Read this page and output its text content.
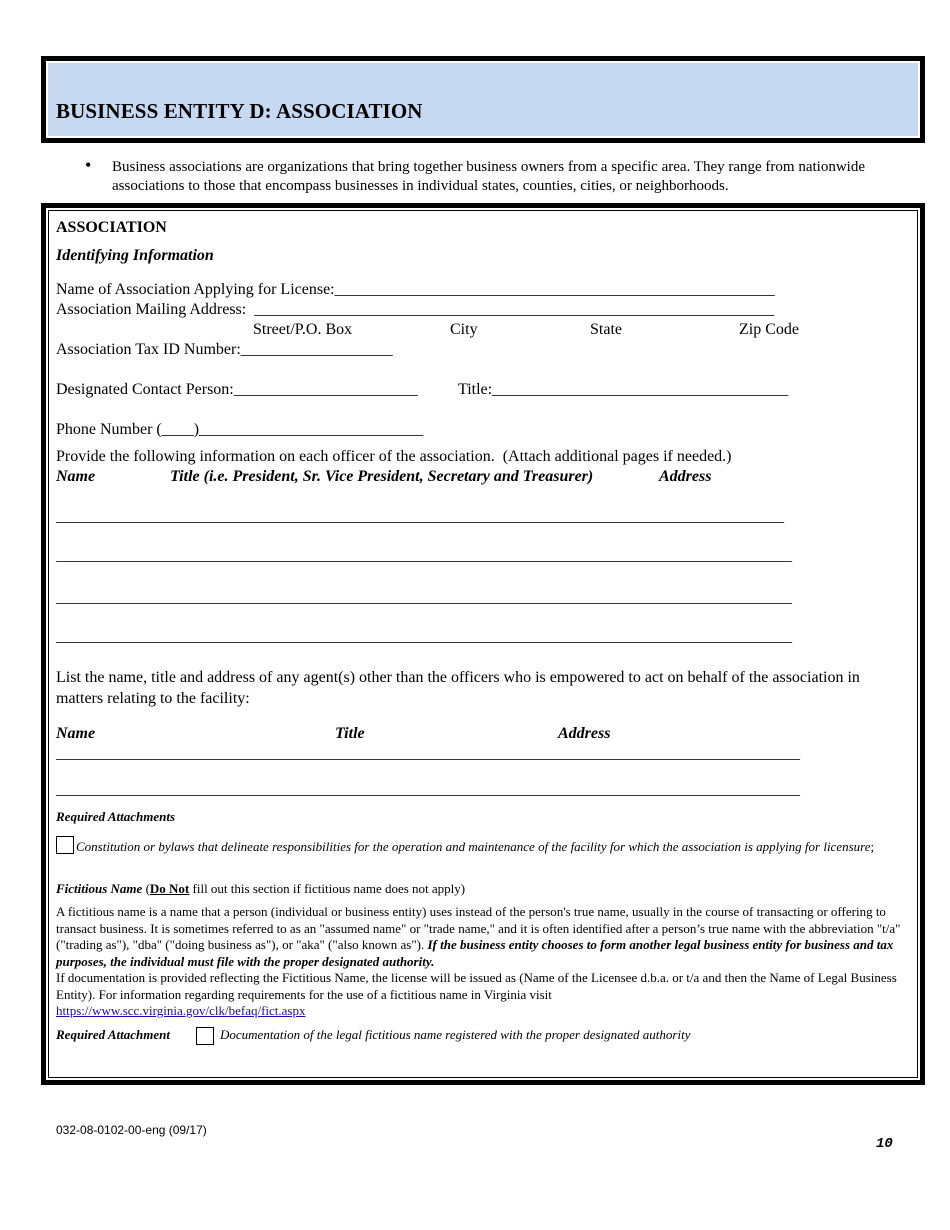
BUSINESS ENTITY D: ASSOCIATION
• Business associations are organizations that bring together business owners from a specific area. They range from nationwide associations to those that encompass businesses in individual states, counties, cities, or neighborhoods.
ASSOCIATION
Identifying Information
Name of Association Applying for License:_______________________________________________________
Association Mailing Address:  _________________________________________________________________
Street/P.O. Box	City	State	Zip Code
Association Tax ID Number:___________________
Designated Contact Person:_______________________	Title:_____________________________________
Phone Number (____)____________________________
Provide the following information on each officer of the association.  (Attach additional pages if needed.)
Name	Title (i.e. President, Sr. Vice President, Secretary and Treasurer)	Address
___________________________________________________________________________________________
____________________________________________________________________________________________
____________________________________________________________________________________________
____________________________________________________________________________________________
List the name, title and address of any agent(s) other than the officers who is empowered to act on behalf of the association in matters relating to the facility:
Name	Title	Address
_____________________________________________________________________________________________
_____________________________________________________________________________________________
Required Attachments
Constitution or bylaws that delineate responsibilities for the operation and maintenance of the facility for which the association is applying for licensure;
Fictitious Name (Do Not fill out this section if fictitious name does not apply)
A fictitious name is a name that a person (individual or business entity) uses instead of the person's true name, usually in the course of transacting or offering to transact business. It is sometimes referred to as an "assumed name" or "trade name," and it is often identified after a person’s true name with the abbreviation "t/a" ("trading as"), "dba" ("doing business as"), or "aka" ("also known as"). If the business entity chooses to form another legal business entity for business and tax purposes, the individual must file with the proper designated authority.
If documentation is provided reflecting the Fictitious Name, the license will be issued as (Name of the Licensee d.b.a. or t/a and then the Name of Legal Business Entity). For information regarding requirements for the use of a fictitious name in Virginia visit
https://www.scc.virginia.gov/clk/befaq/fict.aspx
Required Attachment	Documentation of the legal fictitious name registered with the proper designated authority
032-08-0102-00-eng (09/17)
10
